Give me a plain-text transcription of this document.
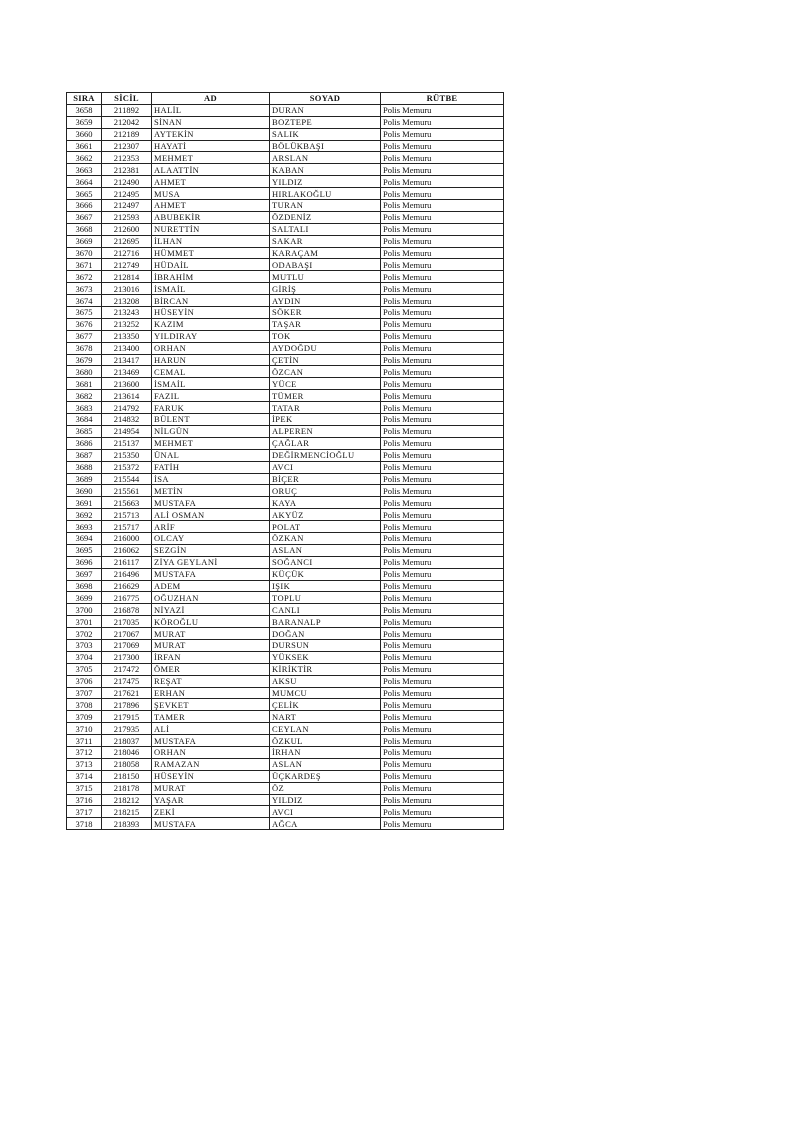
SIRA	SİCİL	AD	SOYAD	RÜTBE
3658	211892	HALİL	DURAN	Polis Memuru
3659	212042	SİNAN	BOZTEPE	Polis Memuru
3660	212189	AYTEKİN	SALIK	Polis Memuru
3661	212307	HAYATİ	BÖLÜKBAŞI	Polis Memuru
3662	212353	MEHMET	ARSLAN	Polis Memuru
3663	212381	ALAATTİN	KABAN	Polis Memuru
3664	212490	AHMET	YILDIZ	Polis Memuru
3665	212495	MUSA	HIRLAKOĞLU	Polis Memuru
3666	212497	AHMET	TURAN	Polis Memuru
3667	212593	ABUBEKİR	ÖZDENİZ	Polis Memuru
3668	212600	NURETTİN	SALTALI	Polis Memuru
3669	212695	İLHAN	SAKAR	Polis Memuru
3670	212716	HÜMMET	KARAÇAM	Polis Memuru
3671	212749	HÜDAİL	ODABAŞI	Polis Memuru
3672	212814	İBRAHİM	MUTLU	Polis Memuru
3673	213016	İSMAİL	GİRİŞ	Polis Memuru
3674	213208	BİRCAN	AYDIN	Polis Memuru
3675	213243	HÜSEYİN	SÖKER	Polis Memuru
3676	213252	KAZIM	TAŞAR	Polis Memuru
3677	213350	YILDIRAY	TOK	Polis Memuru
3678	213400	ORHAN	AYDOĞDU	Polis Memuru
3679	213417	HARUN	ÇETİN	Polis Memuru
3680	213469	CEMAL	ÖZCAN	Polis Memuru
3681	213600	İSMAİL	YÜCE	Polis Memuru
3682	213614	FAZIL	TÜMER	Polis Memuru
3683	214792	FARUK	TATAR	Polis Memuru
3684	214832	BÜLENT	İPEK	Polis Memuru
3685	214954	NİLGÜN	ALPEREN	Polis Memuru
3686	215137	MEHMET	ÇAĞLAR	Polis Memuru
3687	215350	ÜNAL	DEĞİRMENCİOĞLU	Polis Memuru
3688	215372	FATİH	AVCI	Polis Memuru
3689	215544	İSA	BİÇER	Polis Memuru
3690	215561	METİN	ORUÇ	Polis Memuru
3691	215663	MUSTAFA	KAYA	Polis Memuru
3692	215713	ALİ OSMAN	AKYÜZ	Polis Memuru
3693	215717	ARİF	POLAT	Polis Memuru
3694	216000	OLCAY	ÖZKAN	Polis Memuru
3695	216062	SEZGİN	ASLAN	Polis Memuru
3696	216117	ZİYA GEYLANİ	SOĞANCI	Polis Memuru
3697	216496	MUSTAFA	KÜÇÜK	Polis Memuru
3698	216629	ADEM	IŞIK	Polis Memuru
3699	216775	OĞUZHAN	TOPLU	Polis Memuru
3700	216878	NİYAZİ	CANLI	Polis Memuru
3701	217035	KÖROĞLU	BARANALP	Polis Memuru
3702	217067	MURAT	DOĞAN	Polis Memuru
3703	217069	MURAT	DURSUN	Polis Memuru
3704	217300	İRFAN	YÜKSEK	Polis Memuru
3705	217472	ÖMER	KİRİKTİR	Polis Memuru
3706	217475	REŞAT	AKSU	Polis Memuru
3707	217621	ERHAN	MUMCU	Polis Memuru
3708	217896	ŞEVKET	ÇELİK	Polis Memuru
3709	217915	TAMER	NART	Polis Memuru
3710	217935	ALİ	CEYLAN	Polis Memuru
3711	218037	MUSTAFA	ÖZKUL	Polis Memuru
3712	218046	ORHAN	İRHAN	Polis Memuru
3713	218058	RAMAZAN	ASLAN	Polis Memuru
3714	218150	HÜSEYİN	ÜÇKARDEŞ	Polis Memuru
3715	218178	MURAT	ÖZ	Polis Memuru
3716	218212	YAŞAR	YILDIZ	Polis Memuru
3717	218215	ZEKİ	AVCI	Polis Memuru
3718	218393	MUSTAFA	AĞCA	Polis Memuru
